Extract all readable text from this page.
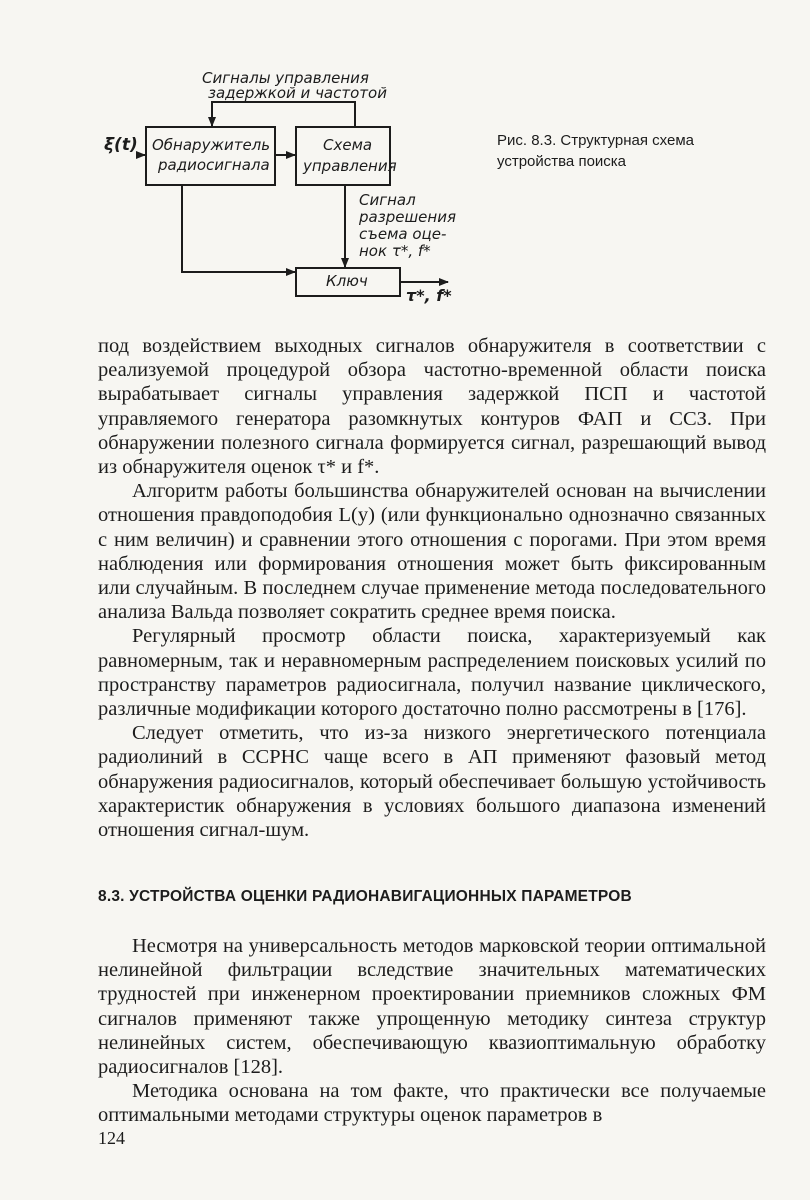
Сигналы управления
задержкой и частотой
ξ(t) Обнаружитель
радиосигнала
Схема
управления
Сигнал
разрешения
съема оце-
нок τ*, f*
Ключ
τ*, f*
Рис. 8.3. Структурная схема устройства поиска

под воздействием выходных сигналов обнаружителя в соответствии с реализуемой процедурой обзора частотно-временной области поиска вырабатывает сигналы управления задержкой ПСП и частотой управляемого генератора разомкнутых контуров ФАП и ССЗ. При обнаружении полезного сигнала формируется сигнал, разрешающий вывод из обнаружителя оценок τ* и f*.

Алгоритм работы большинства обнаружителей основан на вычислении отношения правдоподобия L(y) (или функционально однозначно связанных с ним величин) и сравнении этого отношения с порогами. При этом время наблюдения или формирования отношения может быть фиксированным или случайным. В последнем случае применение метода последовательного анализа Вальда позволяет сократить среднее время поиска.

Регулярный просмотр области поиска, характеризуемый как равномерным, так и неравномерным распределением поисковых усилий по пространству параметров радиосигнала, получил название циклического, различные модификации которого достаточно полно рассмотрены в [176].

Следует отметить, что из-за низкого энергетического потенциала радиолиний в ССРНС чаще всего в АП применяют фазовый метод обнаружения радиосигналов, который обеспечивает большую устойчивость характеристик обнаружения в условиях большого диапазона изменений отношения сигнал-шум.

8.3. УСТРОЙСТВА ОЦЕНКИ РАДИОНАВИГАЦИОННЫХ ПАРАМЕТРОВ

Несмотря на универсальность методов марковской теории оптимальной нелинейной фильтрации вследствие значительных математических трудностей при инженерном проектировании приемников сложных ФМ сигналов применяют также упрощенную методику синтеза структур нелинейных систем, обеспечивающую квазиоптимальную обработку радиосигналов [128].

Методика основана на том факте, что практически все получаемые оптимальными методами структуры оценок параметров в

124
